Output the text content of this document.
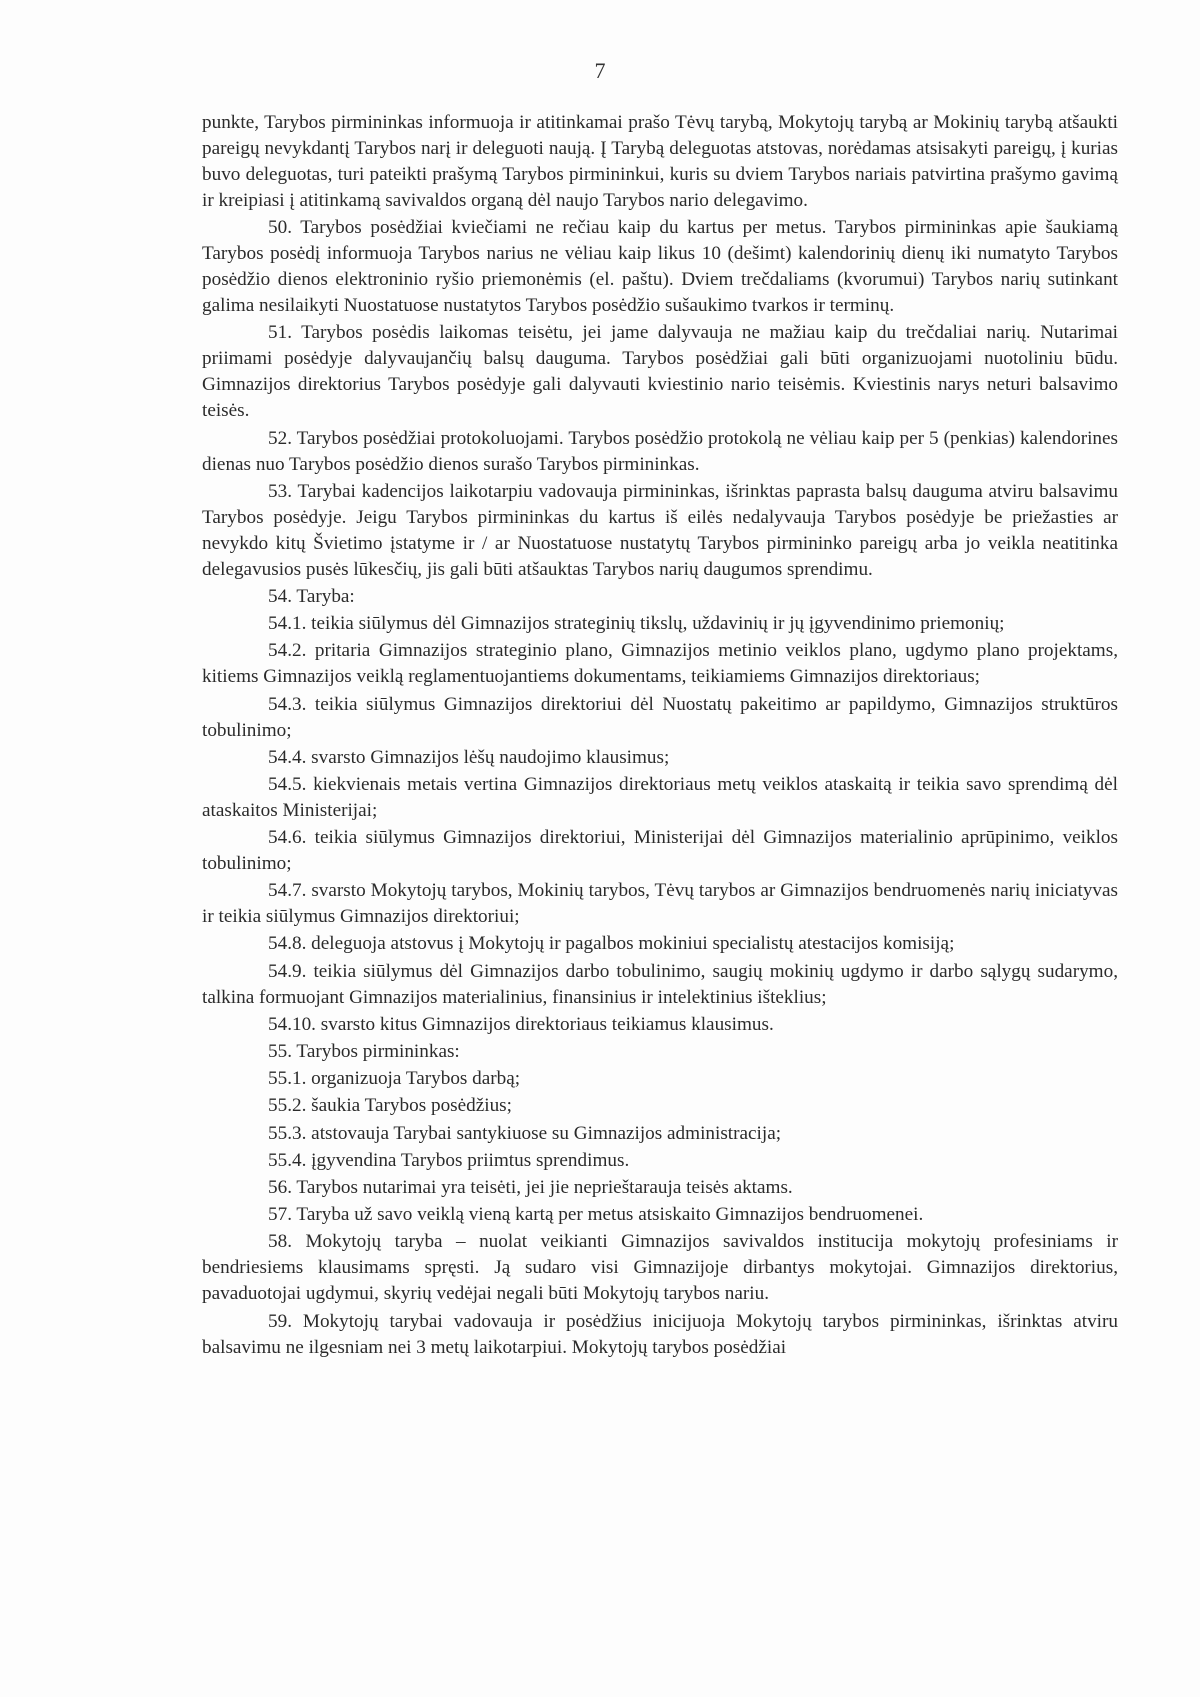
7

punkte, Tarybos pirmininkas informuoja ir atitinkamai prašo Tėvų tarybą, Mokytojų tarybą ar Mokinių tarybą atšaukti pareigų nevykdantį Tarybos narį ir deleguoti naują. Į Tarybą deleguotas atstovas, norėdamas atsisakyti pareigų, į kurias buvo deleguotas, turi pateikti prašymą Tarybos pirmininkui, kuris su dviem Tarybos nariais patvirtina prašymo gavimą ir kreipiasi į atitinkamą savivaldos organą dėl naujo Tarybos nario delegavimo.

50. Tarybos posėdžiai kviečiami ne rečiau kaip du kartus per metus. Tarybos pirmininkas apie šaukiamą Tarybos posėdį informuoja Tarybos narius ne vėliau kaip likus 10 (dešimt) kalendorinių dienų iki numatyto Tarybos posėdžio dienos elektroninio ryšio priemonėmis (el. paštu). Dviem trečdaliams (kvorumui) Tarybos narių sutinkant galima nesilaikyti Nuostatuose nustatytos Tarybos posėdžio sušaukimo tvarkos ir terminų.

51. Tarybos posėdis laikomas teisėtu, jei jame dalyvauja ne mažiau kaip du trečdaliai narių. Nutarimai priimami posėdyje dalyvaujančių balsų dauguma. Tarybos posėdžiai gali būti organizuojami nuotoliniu būdu. Gimnazijos direktorius Tarybos posėdyje gali dalyvauti kviestinio nario teisėmis. Kviestinis narys neturi balsavimo teisės.

52. Tarybos posėdžiai protokoluojami. Tarybos posėdžio protokolą ne vėliau kaip per 5 (penkias) kalendorines dienas nuo Tarybos posėdžio dienos surašo Tarybos pirmininkas.

53. Tarybai kadencijos laikotarpiu vadovauja pirmininkas, išrinktas paprasta balsų dauguma atviru balsavimu Tarybos posėdyje. Jeigu Tarybos pirmininkas du kartus iš eilės nedalyvauja Tarybos posėdyje be priežasties ar nevykdo kitų Švietimo įstatyme ir / ar Nuostatuose nustatytų Tarybos pirmininko pareigų arba jo veikla neatitinka delegavusios pusės lūkesčių, jis gali būti atšauktas Tarybos narių daugumos sprendimu.

54. Taryba:

54.1. teikia siūlymus dėl Gimnazijos strateginių tikslų, uždavinių ir jų įgyvendinimo priemonių;

54.2. pritaria Gimnazijos strateginio plano, Gimnazijos metinio veiklos plano, ugdymo plano projektams, kitiems Gimnazijos veiklą reglamentuojantiems dokumentams, teikiamiems Gimnazijos direktoriaus;

54.3. teikia siūlymus Gimnazijos direktoriui dėl Nuostatų pakeitimo ar papildymo, Gimnazijos struktūros tobulinimo;

54.4. svarsto Gimnazijos lėšų naudojimo klausimus;

54.5. kiekvienais metais vertina Gimnazijos direktoriaus metų veiklos ataskaitą ir teikia savo sprendimą dėl ataskaitos Ministerijai;

54.6. teikia siūlymus Gimnazijos direktoriui, Ministerijai dėl Gimnazijos materialinio aprūpinimo, veiklos tobulinimo;

54.7. svarsto Mokytojų tarybos, Mokinių tarybos, Tėvų tarybos ar Gimnazijos bendruomenės narių iniciatyvas ir teikia siūlymus Gimnazijos direktoriui;

54.8. deleguoja atstovus į Mokytojų ir pagalbos mokiniui specialistų atestacijos komisiją;

54.9. teikia siūlymus dėl Gimnazijos darbo tobulinimo, saugių mokinių ugdymo ir darbo sąlygų sudarymo, talkina formuojant Gimnazijos materialinius, finansinius ir intelektinius išteklius;

54.10. svarsto kitus Gimnazijos direktoriaus teikiamus klausimus.

55. Tarybos pirmininkas:

55.1. organizuoja Tarybos darbą;

55.2. šaukia Tarybos posėdžius;

55.3. atstovauja Tarybai santykiuose su Gimnazijos administracija;

55.4. įgyvendina Tarybos priimtus sprendimus.

56. Tarybos nutarimai yra teisėti, jei jie neprieštarauja teisės aktams.

57. Taryba už savo veiklą vieną kartą per metus atsiskaito Gimnazijos bendruomenei.

58. Mokytojų taryba – nuolat veikianti Gimnazijos savivaldos institucija mokytojų profesiniams ir bendriesiems klausimams spręsti. Ją sudaro visi Gimnazijoje dirbantys mokytojai. Gimnazijos direktorius, pavaduotojai ugdymui, skyrių vedėjai negali būti Mokytojų tarybos nariu.

59. Mokytojų tarybai vadovauja ir posėdžius inicijuoja Mokytojų tarybos pirmininkas, išrinktas atviru balsavimu ne ilgesniam nei 3 metų laikotarpiui. Mokytojų tarybos posėdžiai
